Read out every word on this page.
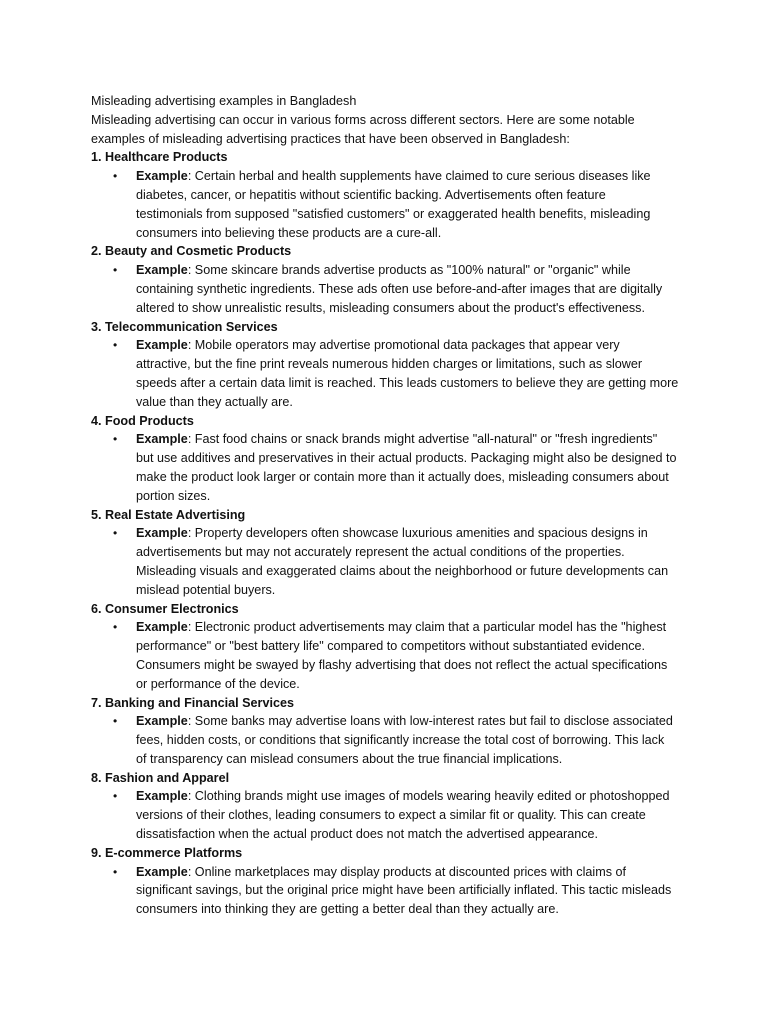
Misleading advertising examples in Bangladesh
Misleading advertising can occur in various forms across different sectors. Here are some notable
examples of misleading advertising practices that have been observed in Bangladesh:
1. Healthcare Products
• Example: Certain herbal and health supplements have claimed to cure serious diseases like
diabetes, cancer, or hepatitis without scientific backing. Advertisements often feature
testimonials from supposed "satisfied customers" or exaggerated health benefits, misleading
consumers into believing these products are a cure-all.
2. Beauty and Cosmetic Products
• Example: Some skincare brands advertise products as "100% natural" or "organic" while
containing synthetic ingredients. These ads often use before-and-after images that are digitally
altered to show unrealistic results, misleading consumers about the product's effectiveness.
3. Telecommunication Services
• Example: Mobile operators may advertise promotional data packages that appear very
attractive, but the fine print reveals numerous hidden charges or limitations, such as slower
speeds after a certain data limit is reached. This leads customers to believe they are getting more
value than they actually are.
4. Food Products
• Example: Fast food chains or snack brands might advertise "all-natural" or "fresh ingredients"
but use additives and preservatives in their actual products. Packaging might also be designed to
make the product look larger or contain more than it actually does, misleading consumers about
portion sizes.
5. Real Estate Advertising
• Example: Property developers often showcase luxurious amenities and spacious designs in
advertisements but may not accurately represent the actual conditions of the properties.
Misleading visuals and exaggerated claims about the neighborhood or future developments can
mislead potential buyers.
6. Consumer Electronics
• Example: Electronic product advertisements may claim that a particular model has the "highest
performance" or "best battery life" compared to competitors without substantiated evidence.
Consumers might be swayed by flashy advertising that does not reflect the actual specifications
or performance of the device.
7. Banking and Financial Services
• Example: Some banks may advertise loans with low-interest rates but fail to disclose associated
fees, hidden costs, or conditions that significantly increase the total cost of borrowing. This lack
of transparency can mislead consumers about the true financial implications.
8. Fashion and Apparel
• Example: Clothing brands might use images of models wearing heavily edited or photoshopped
versions of their clothes, leading consumers to expect a similar fit or quality. This can create
dissatisfaction when the actual product does not match the advertised appearance.
9. E-commerce Platforms
• Example: Online marketplaces may display products at discounted prices with claims of
significant savings, but the original price might have been artificially inflated. This tactic misleads
consumers into thinking they are getting a better deal than they actually are.
